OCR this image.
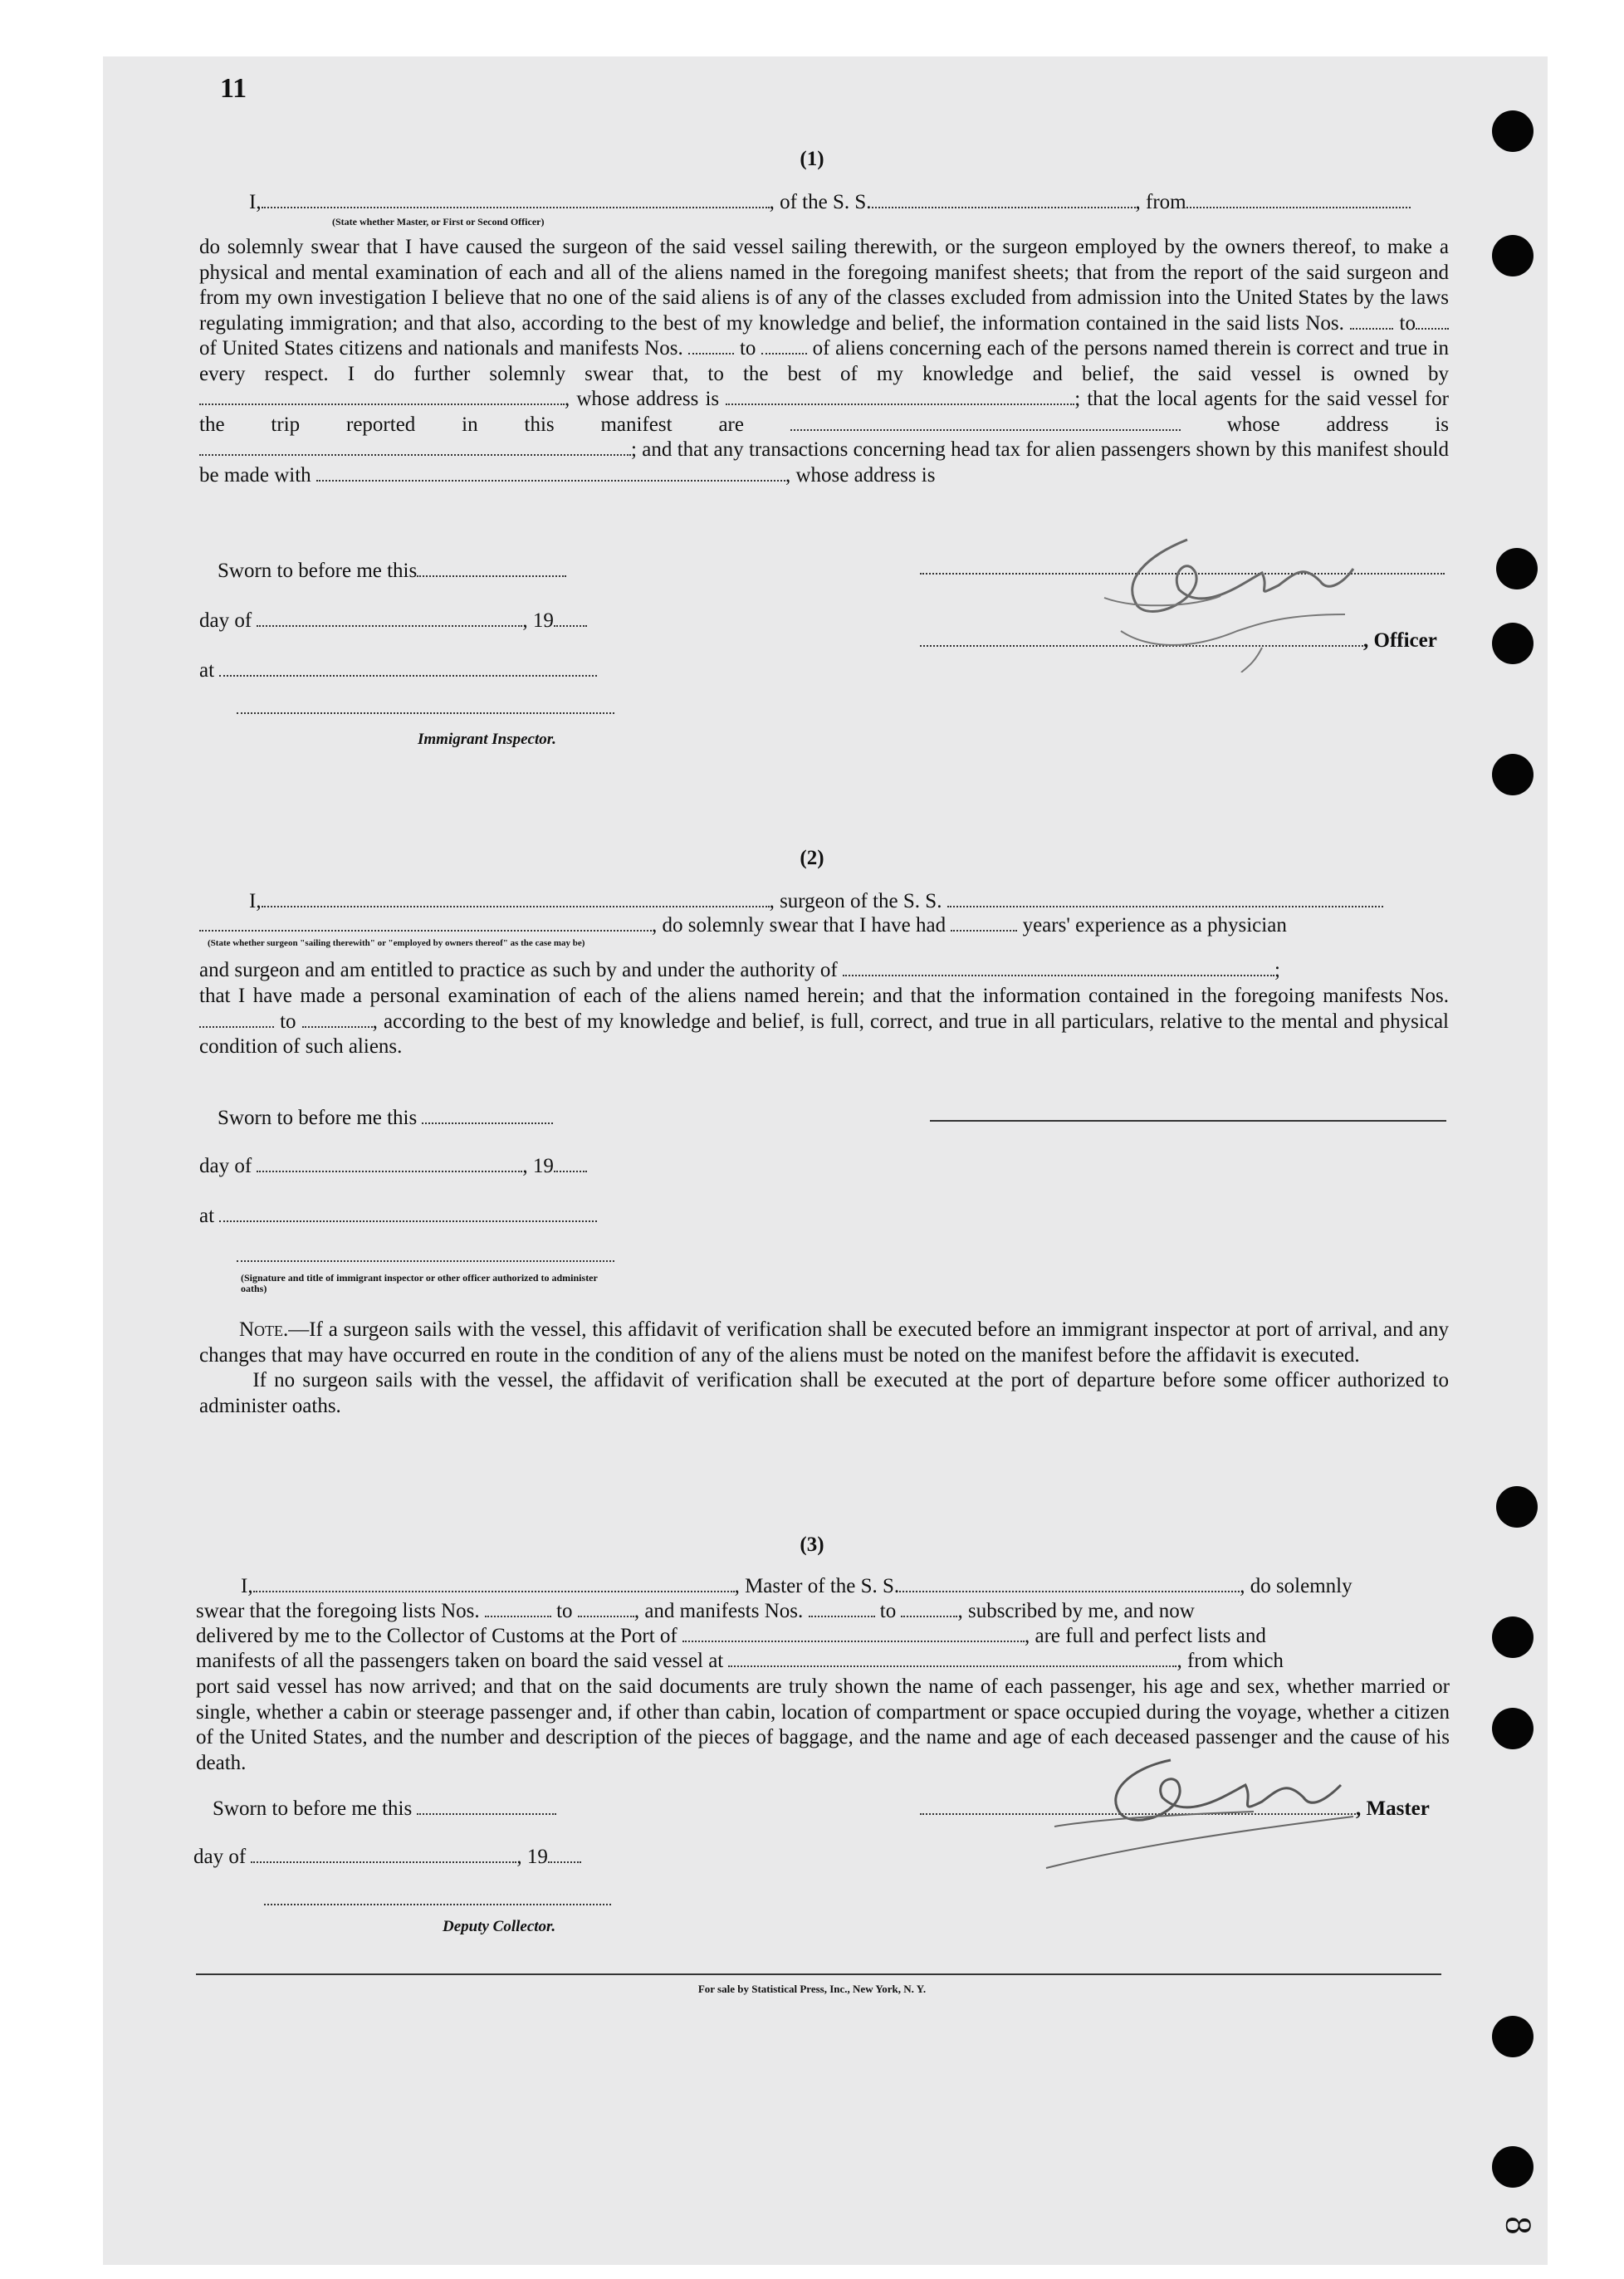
11
8
(1)
I,	, of the S. S.	, from
(State whether Master, or First or Second Officer)
do solemnly swear that I have caused the surgeon of the said vessel sailing therewith, or the surgeon employed by the owners thereof, to make a physical and mental examination of each and all of the aliens named in the foregoing manifest sheets; that from the report of the said surgeon and from my own investigation I believe that no one of the said aliens is of any of the classes excluded from admission into the United States by the laws regulating immigration; and that also, according to the best of my knowledge and belief, the information contained in the said lists Nos.	to of United States citizens and nationals and manifests Nos.	to	of aliens concerning each of the persons named therein is correct and true in every respect. I do further solemnly swear that, to the best of my knowledge and belief, the said vessel is owned by , whose address is	; that the local agents for the said vessel for the trip reported in this manifest are	whose address is ; and that any transactions concerning head tax for alien passengers shown by this manifest should be made with	, whose address is
Sworn to before me this
day of	, 19
at
Immigrant Inspector.
, Officer
(2)
I,	, surgeon of the S. S.
, do solemnly swear that I have had	years' experience as a physician
(State whether surgeon "sailing therewith" or "employed by owners thereof" as the case may be)
and surgeon and am entitled to practice as such by and under the authority of	;
that I have made a personal examination of each of the aliens named herein; and that the information contained in the foregoing manifests Nos.  to	, according to the best of my knowledge and belief, is full, correct, and true in all particulars, relative to the mental and physical condition of such aliens.
Sworn to before me this
day of	, 19
at
(Signature and title of immigrant inspector or other officer authorized to administer oaths)
Note.—If a surgeon sails with the vessel, this affidavit of verification shall be executed before an immigrant inspector at port of arrival, and any changes that may have occurred en route in the condition of any of the aliens must be noted on the manifest before the affidavit is executed.
If no surgeon sails with the vessel, the affidavit of verification shall be executed at the port of departure before some officer authorized to administer oaths.
(3)
I,	, Master of the S. S.	, do solemnly
swear that the foregoing lists Nos.	to	, and manifests Nos.	to	, subscribed by me, and now
delivered by me to the Collector of Customs at the Port of	, are full and perfect lists and
manifests of all the passengers taken on board the said vessel at	, from which
port said vessel has now arrived; and that on the said documents are truly shown the name of each passenger, his age and sex, whether married or single, whether a cabin or steerage passenger and, if other than cabin, location of compartment or space occupied during the voyage, whether a citizen of the United States, and the number and description of the pieces of baggage, and the name and age of each deceased passenger and the cause of his death.
Sworn to before me this
day of	, 19
Deputy Collector.
, Master
For sale by Statistical Press, Inc., New York, N. Y.
